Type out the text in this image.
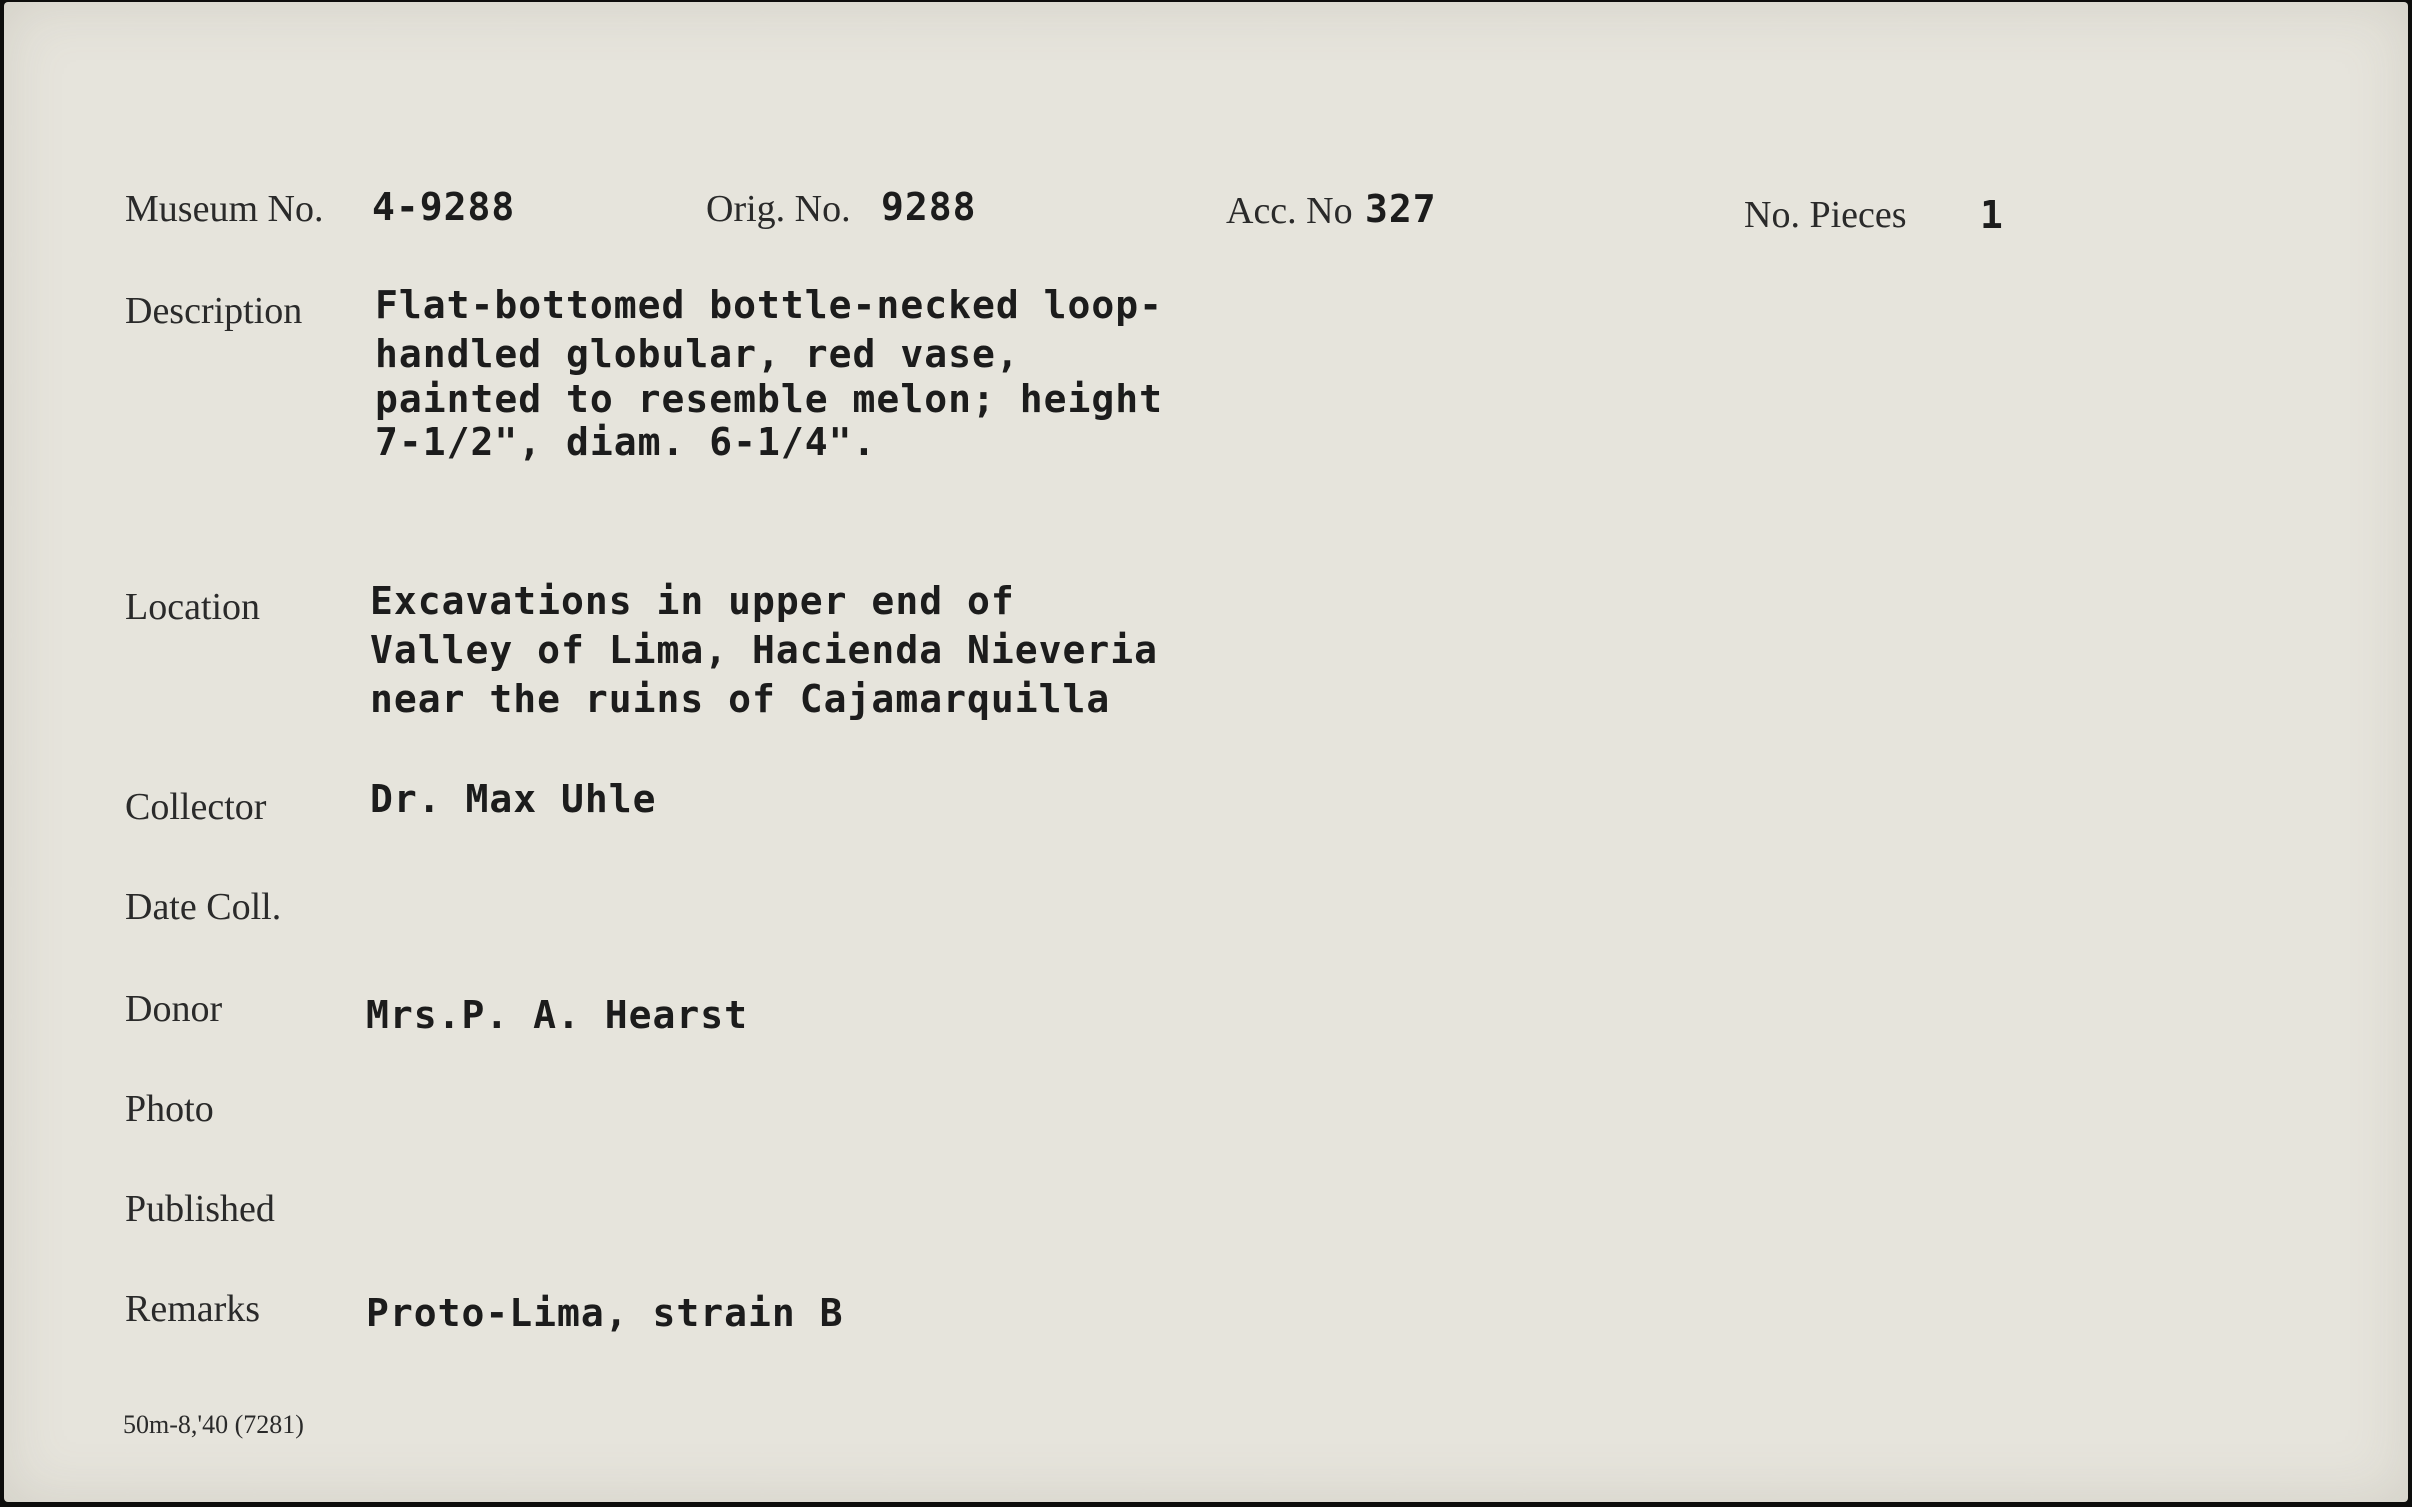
Museum No. 4-9288	Orig. No. 9288	Acc. No 327	No. Pieces 1
Description Flat-bottomed bottle-necked loop-
handled globular, red vase,
painted to resemble melon; height
7-1/2", diam. 6-1/4".
Location	Excavations in upper end of
Valley of Lima, Hacienda Nieveria
near the ruins of Cajamarquilla
Collector	Dr. Max Uhle
Date Coll.
Donor	Mrs.P. A. Hearst
Photo
Published
Remarks	Proto-Lima, strain B
50m-8,'40 (7281)
